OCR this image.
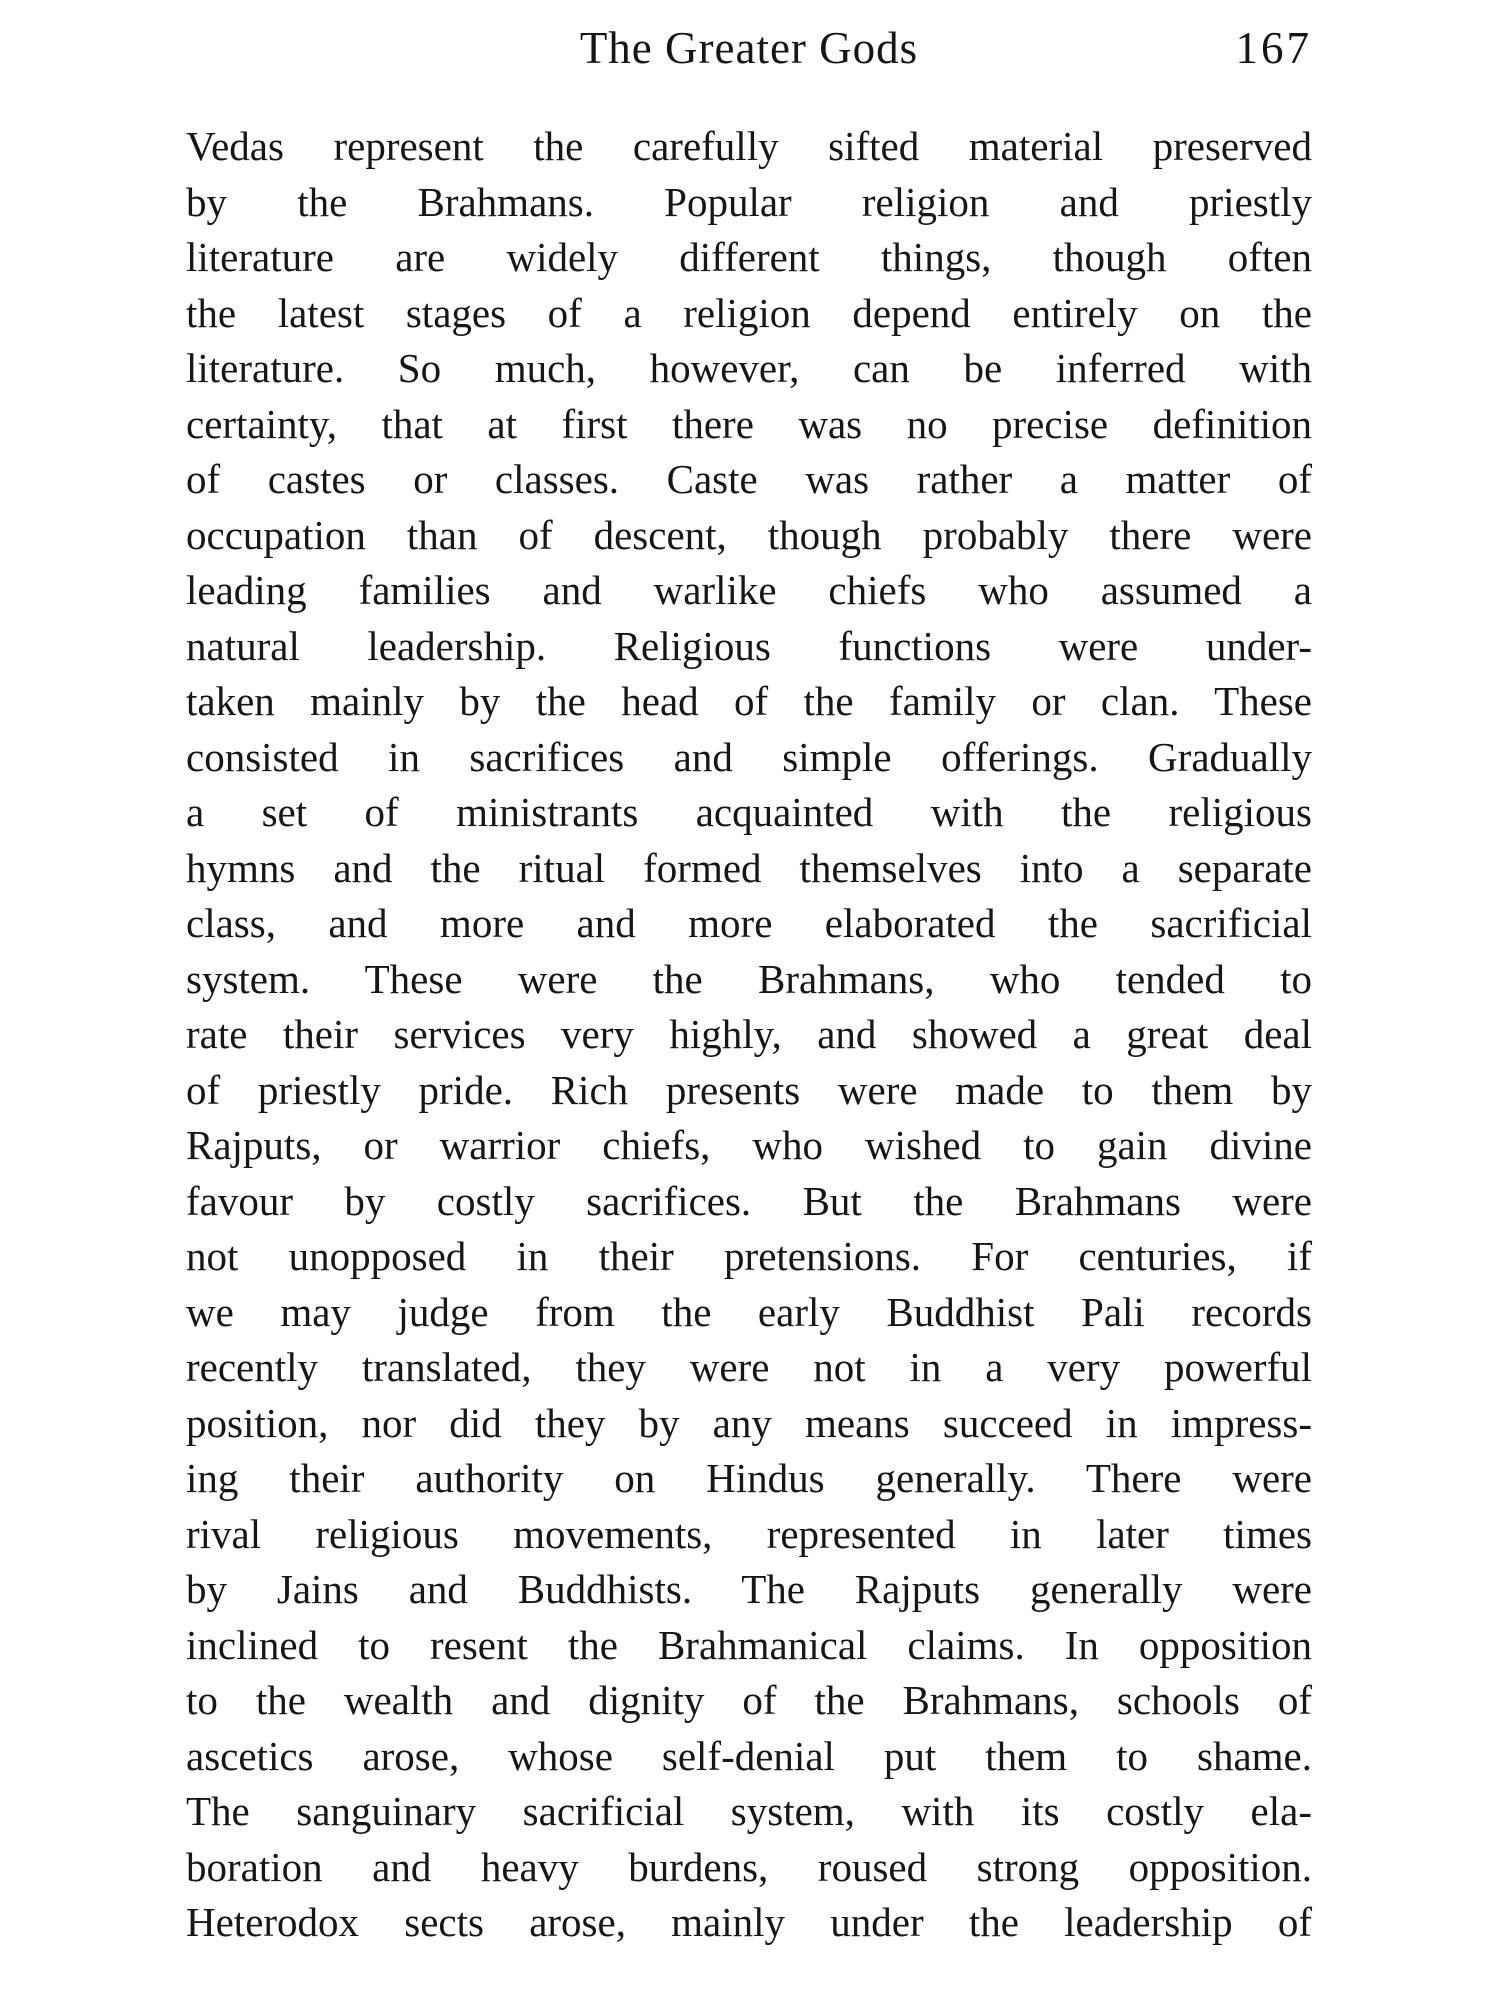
The Greater Gods	167
Vedas represent the carefully sifted material preserved
by the Brahmans. Popular religion and priestly
literature are widely different things, though often
the latest stages of a religion depend entirely on the
literature. So much, however, can be inferred with
certainty, that at first there was no precise definition
of castes or classes. Caste was rather a matter of
occupation than of descent, though probably there were
leading families and warlike chiefs who assumed a
natural leadership. Religious functions were under-
taken mainly by the head of the family or clan. These
consisted in sacrifices and simple offerings. Gradually
a set of ministrants acquainted with the religious
hymns and the ritual formed themselves into a separate
class, and more and more elaborated the sacrificial
system. These were the Brahmans, who tended to
rate their services very highly, and showed a great deal
of priestly pride. Rich presents were made to them by
Rajputs, or warrior chiefs, who wished to gain divine
favour by costly sacrifices. But the Brahmans were
not unopposed in their pretensions. For centuries, if
we may judge from the early Buddhist Pali records
recently translated, they were not in a very powerful
position, nor did they by any means succeed in impress-
ing their authority on Hindus generally. There were
rival religious movements, represented in later times
by Jains and Buddhists. The Rajputs generally were
inclined to resent the Brahmanical claims. In opposition
to the wealth and dignity of the Brahmans, schools of
ascetics arose, whose self-denial put them to shame.
The sanguinary sacrificial system, with its costly ela-
boration and heavy burdens, roused strong opposition.
Heterodox sects arose, mainly under the leadership of
